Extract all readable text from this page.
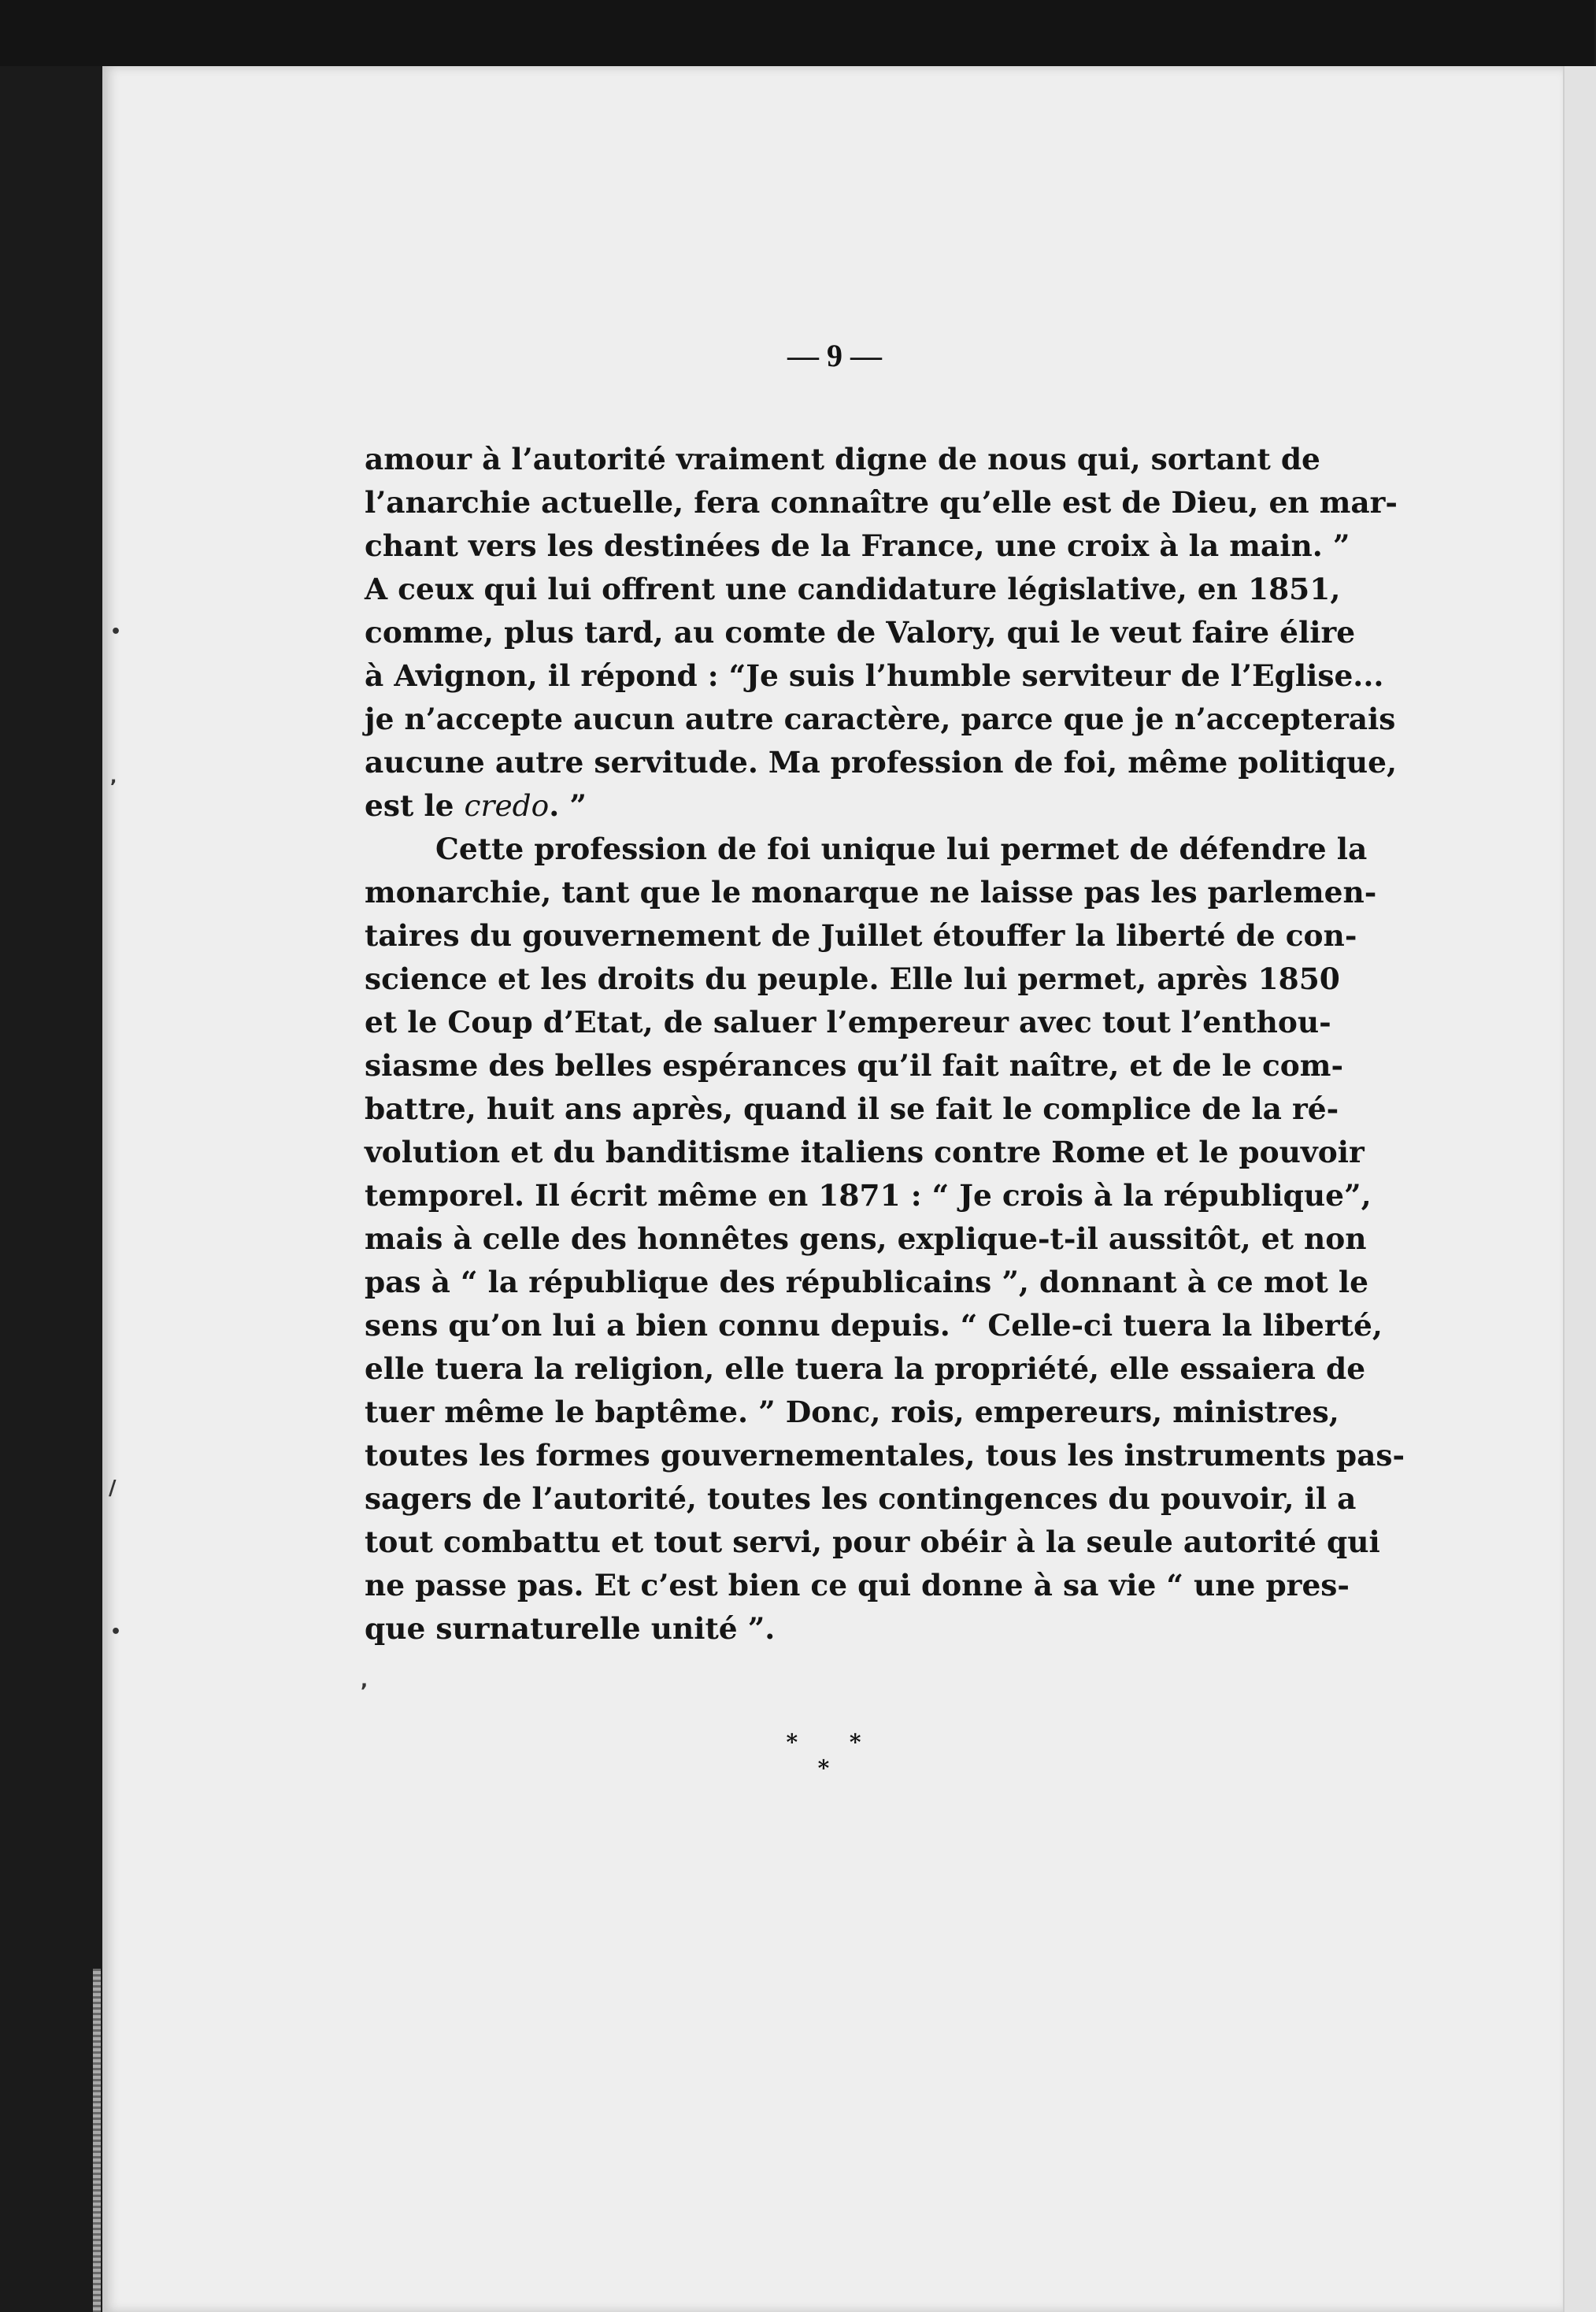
•
,
/
•
,
— 9 —
amour à l’autorité vraiment digne de nous qui, sortant de
l’anarchie actuelle, fera connaître qu’elle est de Dieu, en mar-
chant vers les destinées de la France, une croix à la main. ”
A ceux qui lui offrent une candidature législative, en 1851,
comme, plus tard, au comte de Valory, qui le veut faire élire
à Avignon, il répond : “Je suis l’humble serviteur de l’Eglise...
je n’accepte aucun autre caractère, parce que je n’accepterais
aucune autre servitude. Ma profession de foi, même politique,
est le credo. ”
Cette profession de foi unique lui permet de défendre la
monarchie, tant que le monarque ne laisse pas les parlemen-
taires du gouvernement de Juillet étouffer la liberté de con-
science et les droits du peuple. Elle lui permet, après 1850
et le Coup d’Etat, de saluer l’empereur avec tout l’enthou-
siasme des belles espérances qu’il fait naître, et de le com-
battre, huit ans après, quand il se fait le complice de la ré-
volution et du banditisme italiens contre Rome et le pouvoir
temporel. Il écrit même en 1871 : “ Je crois à la république”,
mais à celle des honnêtes gens, explique-t-il aussitôt, et non
pas à “ la république des républicains ”, donnant à ce mot le
sens qu’on lui a bien connu depuis. “ Celle-ci tuera la liberté,
elle tuera la religion, elle tuera la propriété, elle essaiera de
tuer même le baptême. ” Donc, rois, empereurs, ministres,
toutes les formes gouvernementales, tous les instruments pas-
sagers de l’autorité, toutes les contingences du pouvoir, il a
tout combattu et tout servi, pour obéir à la seule autorité qui
ne passe pas. Et c’est bien ce qui donne à sa vie “ une pres-
que surnaturelle unité ”.
* * *
